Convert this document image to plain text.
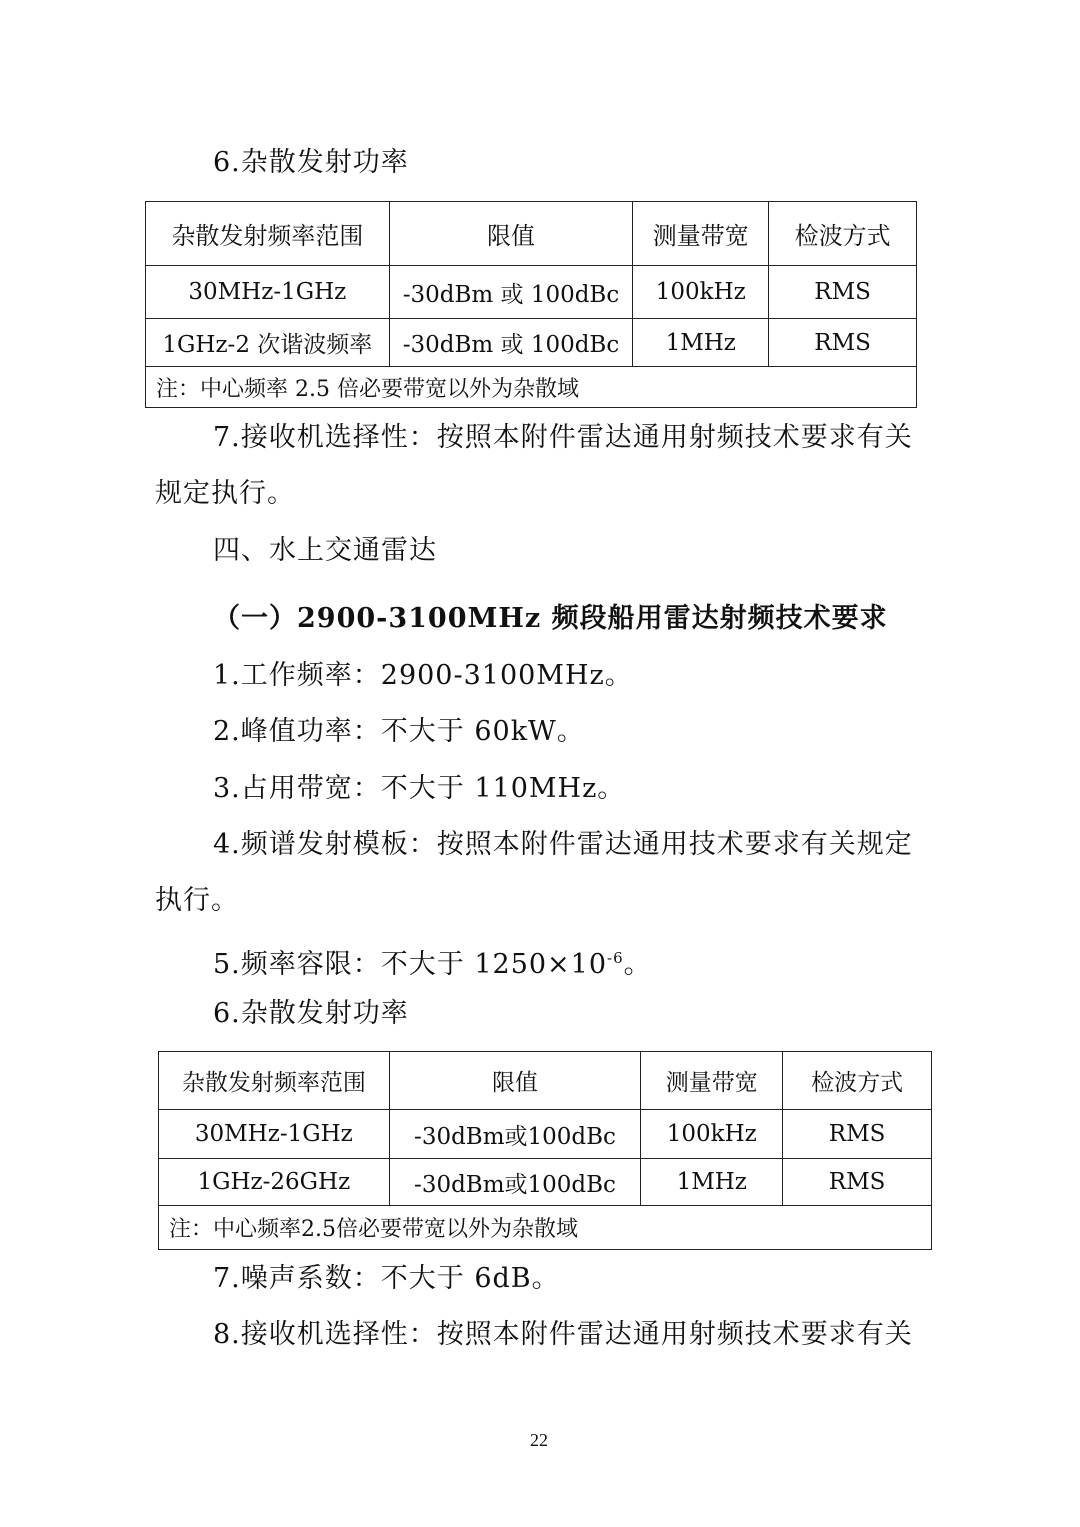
6.杂散发射功率
杂散发射频率范围	限值	测量带宽	检波方式
30MHz-1GHz	-30dBm 或 100dBc	100kHz	RMS
1GHz-2 次谐波频率	-30dBm 或 100dBc	1MHz	RMS
注：中心频率 2.5 倍必要带宽以外为杂散域			
7.接收机选择性：按照本附件雷达通用射频技术要求有关
规定执行。
四、水上交通雷达
（一）2900-3100MHz 频段船用雷达射频技术要求
1.工作频率：2900-3100MHz。
2.峰值功率：不大于 60kW。
3.占用带宽：不大于 110MHz。
4.频谱发射模板：按照本附件雷达通用技术要求有关规定
执行。
5.频率容限：不大于 $1250\times 10^{-6}$。
6.杂散发射功率
杂散发射频率范围	限值	测量带宽	检波方式
30MHz-1GHz	-30dBm或100dBc	100kHz	RMS
1GHz-26GHz	-30dBm或100dBc	1MHz	RMS
注：中心频率2.5倍必要带宽以外为杂散域			
7.噪声系数：不大于 6dB。
8.接收机选择性：按照本附件雷达通用射频技术要求有关
22
